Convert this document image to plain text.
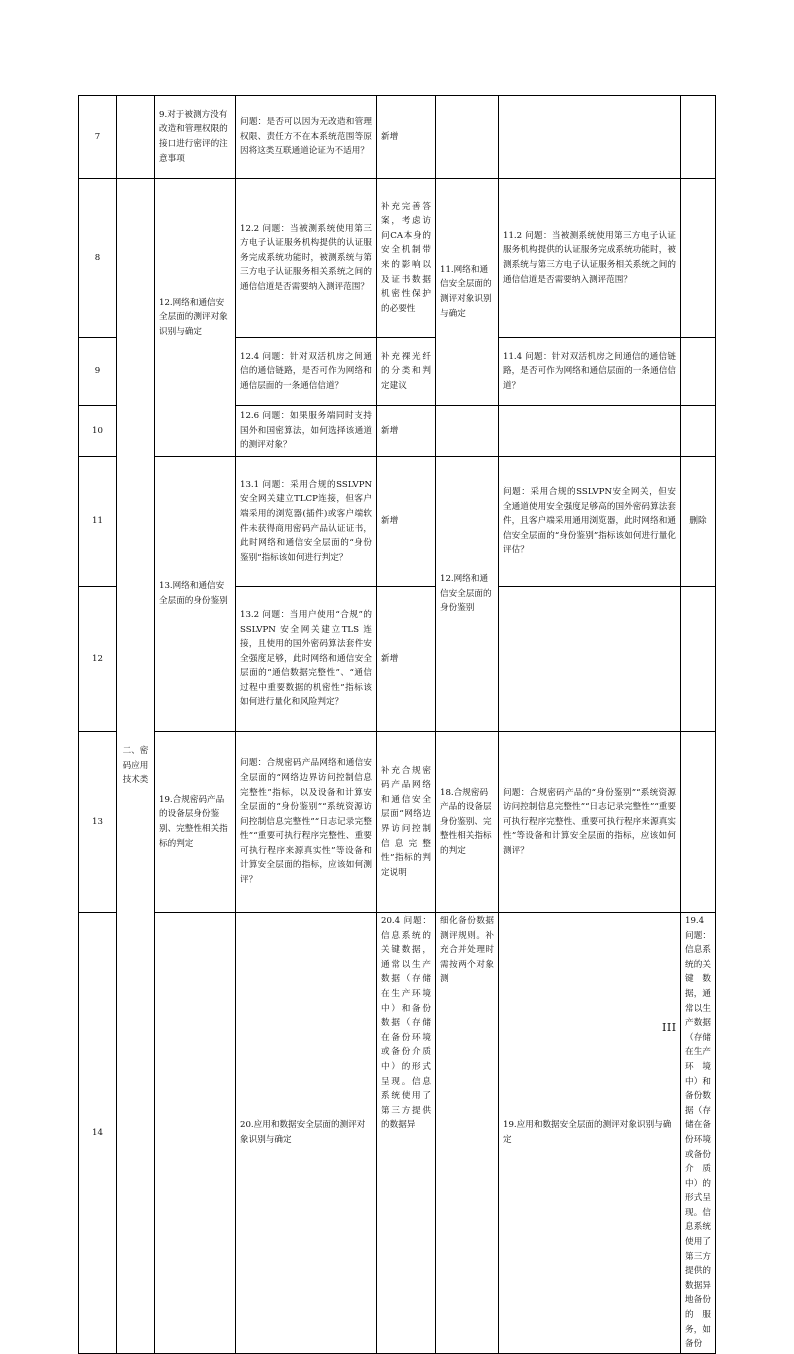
7		9.对于被测方没有改造和管理权限的接口进行密评的注意事项	问题：是否可以因为无改造和管理权限、责任方不在本系统范围等原因将这类互联通道论证为不适用？	新增				
8	二、密码应用技术类	12.网络和通信安全层面的测评对象识别与确定	12.2 问题：当被测系统使用第三方电子认证服务机构提供的认证服务完成系统功能时，被测系统与第三方电子认证服务相关系统之间的通信信道是否需要纳入测评范围？	补充完善答案，考虑访问CA本身的安全机制带来的影响以及证书数据机密性保护的必要性	11.网络和通信安全层面的测评对象识别与确定	11.2 问题：当被测系统使用第三方电子认证服务机构提供的认证服务完成系统功能时，被测系统与第三方电子认证服务相关系统之间的通信信道是否需要纳入测评范围？		
9			12.4 问题：针对双活机房之间通信的通信链路，是否可作为网络和通信层面的一条通信信道？	补充裸光纤的分类和判定建议		11.4 问题：针对双活机房之间通信的通信链路，是否可作为网络和通信层面的一条通信信道？		
10			12.6 问题：如果服务端同时支持国外和国密算法，如何选择该通道的测评对象？	新增				
11		13.网络和通信安全层面的身份鉴别	13.1 问题：采用合规的SSLVPN安全网关建立TLCP连接，但客户端采用的浏览器(插件)或客户端软件未获得商用密码产品认证证书，此时网络和通信安全层面的“身份鉴别”指标该如何进行判定？	新增	12.网络和通信安全层面的身份鉴别	问题：采用合规的SSLVPN安全网关，但安全通道使用安全强度足够高的国外密码算法套件，且客户端采用通用浏览器，此时网络和通信安全层面的“身份鉴别”指标该如何进行量化评估？	删除	
12			13.2 问题：当用户使用“合规”的 SSLVPN 安全网关建立TLS 连接，且使用的国外密码算法套件安全强度足够，此时网络和通信安全层面的“通信数据完整性”、“通信过程中重要数据的机密性”指标该如何进行量化和风险判定？	新增				
13		19.合规密码产品的设备层身份鉴别、完整性相关指标的判定	问题：合规密码产品网络和通信安全层面的“网络边界访问控制信息完整性”指标，以及设备和计算安全层面的“身份鉴别”“系统资源访问控制信息完整性”“日志记录完整性”“重要可执行程序完整性、重要可执行程序来源真实性”等设备和计算安全层面的指标，应该如何测评？	补充合规密码产品网络和通信安全层面“网络边界访问控制信息完整性”指标的判定说明	18.合规密码产品的设备层身份鉴别、完整性相关指标的判定	问题：合规密码产品的“身份鉴别”“系统资源访问控制信息完整性”“日志记录完整性”“重要可执行程序完整性、重要可执行程序来源真实性”等设备和计算安全层面的指标，应该如何测评？		
14			20.应用和数据安全层面的测评对象识别与确定	20.4 问题：信息系统的关键数据，通常以生产数据（存储在生产环境中）和备份数据（存储在备份环境或备份介质中）的形式呈现。信息系统使用了第三方提供的数据异	细化备份数据测评规则。补充合并处理时需按两个对象测	19.应用和数据安全层面的测评对象识别与确定	19.4 问题：信息系统的关键数据，通常以生产数据（存储在生产环境中）和备份数据（存储在备份环境或备份介质中）的形式呈现。信息系统使用了第三方提供的数据异地备份的服务，如备份	
III
